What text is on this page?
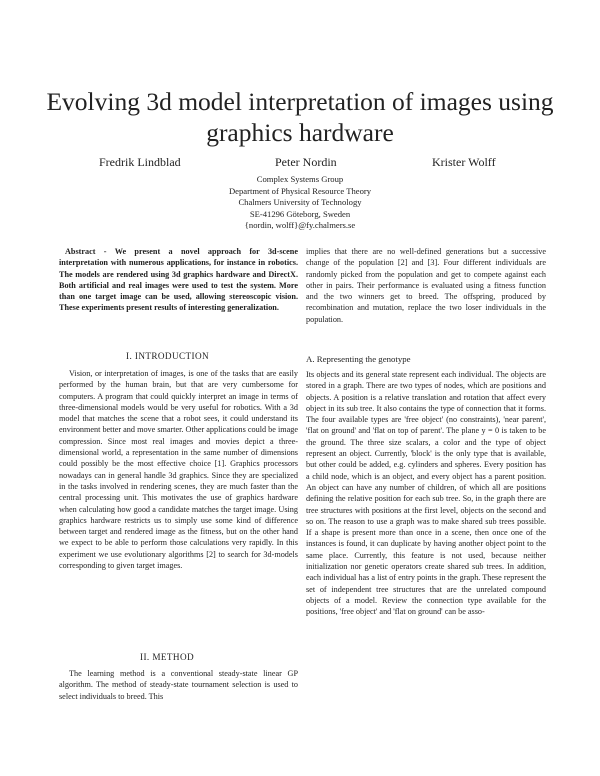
Evolving 3d model interpretation of images using graphics hardware
Fredrik Lindblad	Peter Nordin	Krister Wolff
Complex Systems Group
Department of Physical Resource Theory
Chalmers University of Technology
SE-41296 Göteborg, Sweden
{nordin, wolff}@fy.chalmers.se

Abstract - We present a novel approach for 3d-scene interpretation with numerous applications, for instance in robotics. The models are rendered using 3d graphics hardware and DirectX. Both artificial and real images were used to test the system. More than one target image can be used, allowing stereoscopic vision. These experiments present results of interesting generalization.

I. INTRODUCTION

Vision, or interpretation of images, is one of the tasks that are easily performed by the human brain, but that are very cumbersome for computers. A program that could quickly interpret an image in terms of three-dimensional models would be very useful for robotics. With a 3d model that matches the scene that a robot sees, it could understand its environment better and move smarter. Other applications could be image compression. Since most real images and movies depict a three-dimensional world, a representation in the same number of dimensions could possibly be the most effective choice [1]. Graphics processors nowadays can in general handle 3d graphics. Since they are specialized in the tasks involved in rendering scenes, they are much faster than the central processing unit. This motivates the use of graphics hardware when calculating how good a candidate matches the target image. Using graphics hardware restricts us to simply use some kind of difference between target and rendered image as the fitness, but on the other hand we expect to be able to perform those calculations very rapidly. In this experiment we use evolutionary algorithms [2] to search for 3d-models corresponding to given target images.

II. METHOD

The learning method is a conventional steady-state linear GP algorithm. The method of steady-state tournament selection is used to select individuals to breed. This

implies that there are no well-defined generations but a successive change of the population [2] and [3]. Four different individuals are randomly picked from the population and get to compete against each other in pairs. Their performance is evaluated using a fitness function and the two winners get to breed. The offspring, produced by recombination and mutation, replace the two loser individuals in the population.

A. Representing the genotype

Its objects and its general state represent each individual. The objects are stored in a graph. There are two types of nodes, which are positions and objects. A position is a relative translation and rotation that affect every object in its sub tree. It also contains the type of connection that it forms. The four available types are 'free object' (no constraints), 'near parent', 'flat on ground' and 'flat on top of parent'. The plane y = 0 is taken to be the ground. The three size scalars, a color and the type of object represent an object. Currently, 'block' is the only type that is available, but other could be added, e.g. cylinders and spheres. Every position has a child node, which is an object, and every object has a parent position. An object can have any number of children, of which all are positions defining the relative position for each sub tree. So, in the graph there are tree structures with positions at the first level, objects on the second and so on. The reason to use a graph was to make shared sub trees possible. If a shape is present more than once in a scene, then once one of the instances is found, it can duplicate by having another object point to the same place. Currently, this feature is not used, because neither initialization nor genetic operators create shared sub trees. In addition, each individual has a list of entry points in the graph. These represent the set of independent tree structures that are the unrelated compound objects of a model. Review the connection type available for the positions, 'free object' and 'flat on ground' can be asso-
